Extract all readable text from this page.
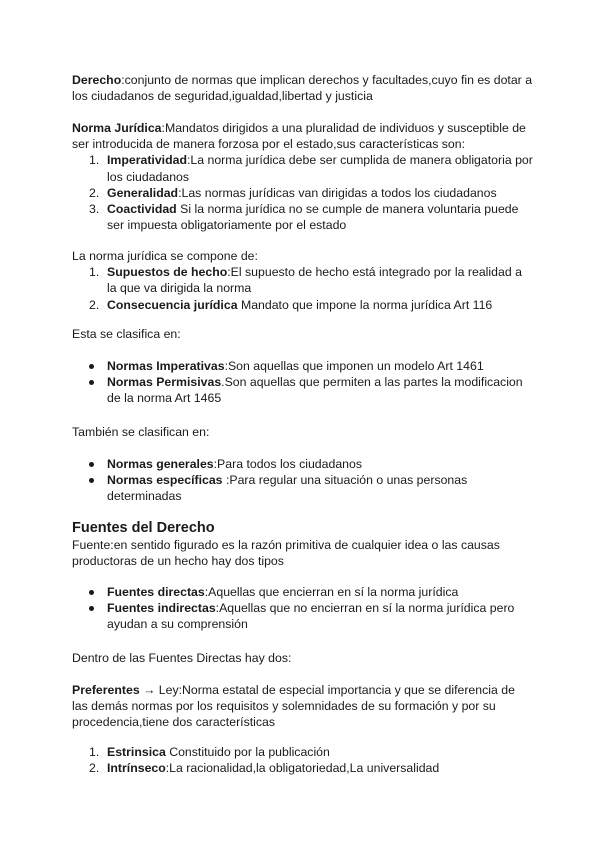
Derecho:conjunto de normas que implican derechos y facultades,cuyo fin es dotar a los ciudadanos de seguridad,igualdad,libertad y justicia

Norma Jurídica:Mandatos dirigidos a una pluralidad de individuos y susceptible de ser introducida de manera forzosa por el estado,sus características son:

1. Imperatividad:La norma jurídica debe ser cumplida de manera obligatoria por los ciudadanos
2. Generalidad:Las normas jurídicas van dirigidas a todos los ciudadanos
3. Coactividad Si la norma jurídica no se cumple de manera voluntaria puede ser impuesta obligatoriamente por el estado

La norma jurídica se compone de:

1. Supuestos de hecho:El supuesto de hecho está integrado por la realidad a la que va dirigida la norma
2. Consecuencia jurídica Mandato que impone la norma jurídica Art 116

Esta se clasifica en:

Normas Imperativas:Son aquellas que imponen un modelo Art 1461
Normas Permisivas.Son aquellas que permiten a las partes la modificacion de la norma Art 1465

También se clasifican en:

Normas generales:Para todos los ciudadanos
Normas específicas :Para regular una situación o unas personas determinadas

Fuentes del Derecho

Fuente:en sentido figurado es la razón primitiva de cualquier idea o las causas productoras de un hecho hay dos tipos

Fuentes directas:Aquellas que encierran en sí la norma jurídica
Fuentes indirectas:Aquellas que no encierran en sí la norma jurídica pero ayudan a su comprensión

Dentro de las Fuentes Directas hay dos:

Preferentes → Ley:Norma estatal de especial importancia y que se diferencia de las demás normas por los requisitos y solemnidades de su formación y por su procedencia,tiene dos características

1. Estrinsica Constituido por la publicación
2. Intrínseco:La racionalidad,la obligatoriedad,La universalidad
